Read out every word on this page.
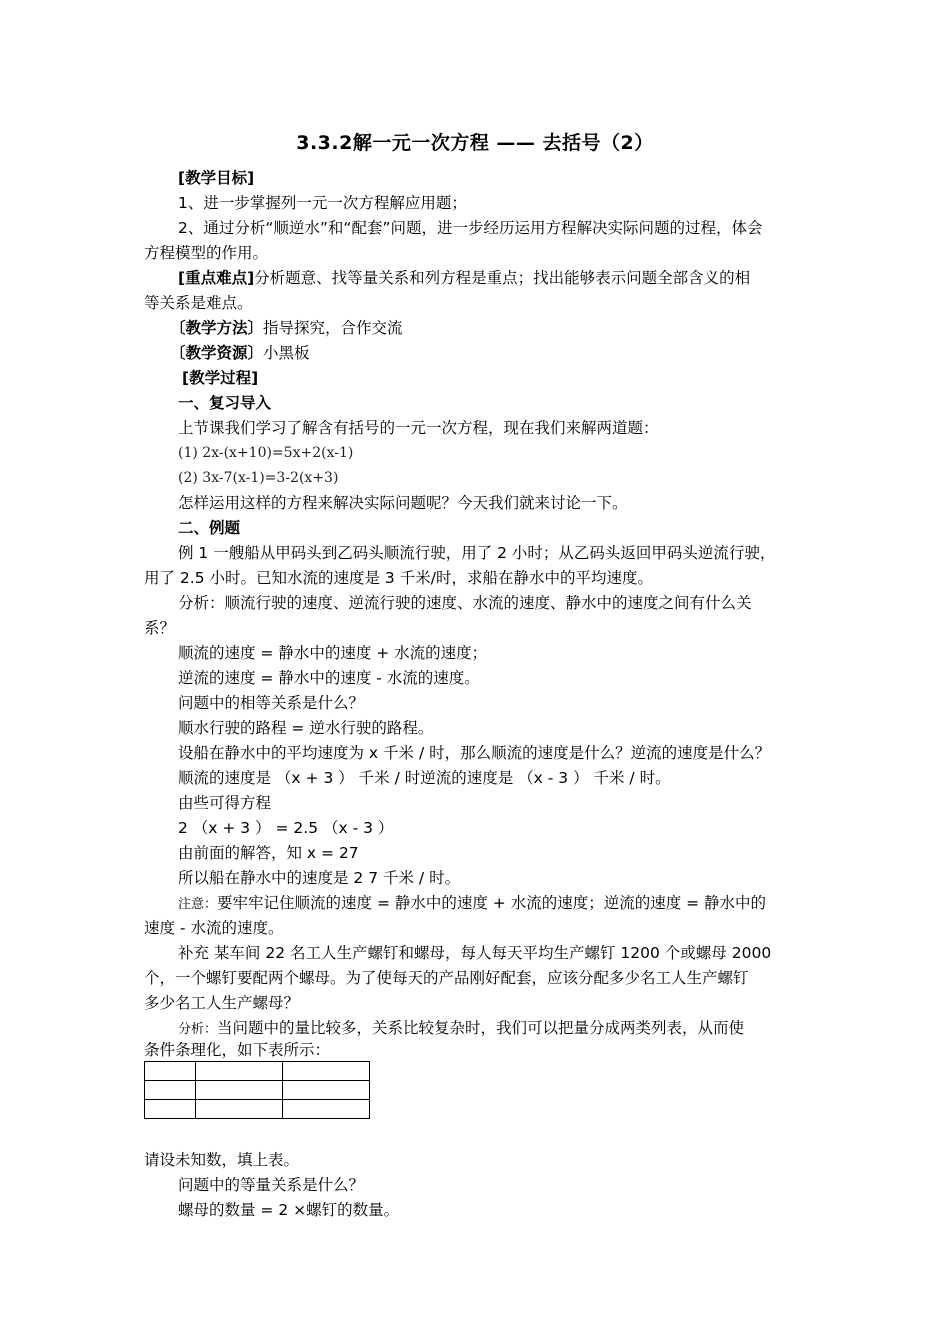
3.3.2解一元一次方程 —— 去括号（2）
[教学目标]
1、进一步掌握列一元一次方程解应用题；
2、通过分析“顺逆水”和“配套”问题，进一步经历运用方程解决实际问题的过程，体会
方程模型的作用。
[重点难点]分析题意、找等量关系和列方程是重点；找出能够表示问题全部含义的相
等关系是难点。
〔教学方法〕指导探究，合作交流
〔教学资源〕小黑板
[教学过程]
一、复习导入
上节课我们学习了解含有括号的一元一次方程，现在我们来解两道题：
(1) 2x-(x+10)=5x+2(x-1)
(2) 3x-7(x-1)=3-2(x+3)
怎样运用这样的方程来解决实际问题呢？今天我们就来讨论一下。
二、例题
例 1 一艘船从甲码头到乙码头顺流行驶，用了 2 小时；从乙码头返回甲码头逆流行驶，
用了 2.5 小时。已知水流的速度是 3 千米/时，求船在静水中的平均速度。
分析：顺流行驶的速度、逆流行驶的速度、水流的速度、静水中的速度之间有什么关
系？
顺流的速度 = 静水中的速度 + 水流的速度；
逆流的速度 = 静水中的速度 - 水流的速度。
问题中的相等关系是什么？
顺水行驶的路程 = 逆水行驶的路程。
设船在静水中的平均速度为 x 千米 / 时，那么顺流的速度是什么？逆流的速度是什么？
顺流的速度是 （x + 3 ） 千米 / 时逆流的速度是 （x - 3 ） 千米 / 时。
由些可得方程
2 （x + 3 ） = 2.5 （x - 3 ）
由前面的解答，知 x = 27
所以船在静水中的速度是 2 7 千米 / 时。
注意：要牢牢记住顺流的速度 = 静水中的速度 + 水流的速度；逆流的速度 = 静水中的
速度 - 水流的速度。
补充 某车间 22 名工人生产螺钉和螺母，每人每天平均生产螺钉 1200 个或螺母 2000
个，一个螺钉要配两个螺母。为了使每天的产品刚好配套，应该分配多少名工人生产螺钉
多少名工人生产螺母？
分析：当问题中的量比较多，关系比较复杂时，我们可以把量分成两类列表，从而使
条件条理化，如下表所示：

请设未知数，填上表。
问题中的等量关系是什么？
螺母的数量 = 2 ×螺钉的数量。
